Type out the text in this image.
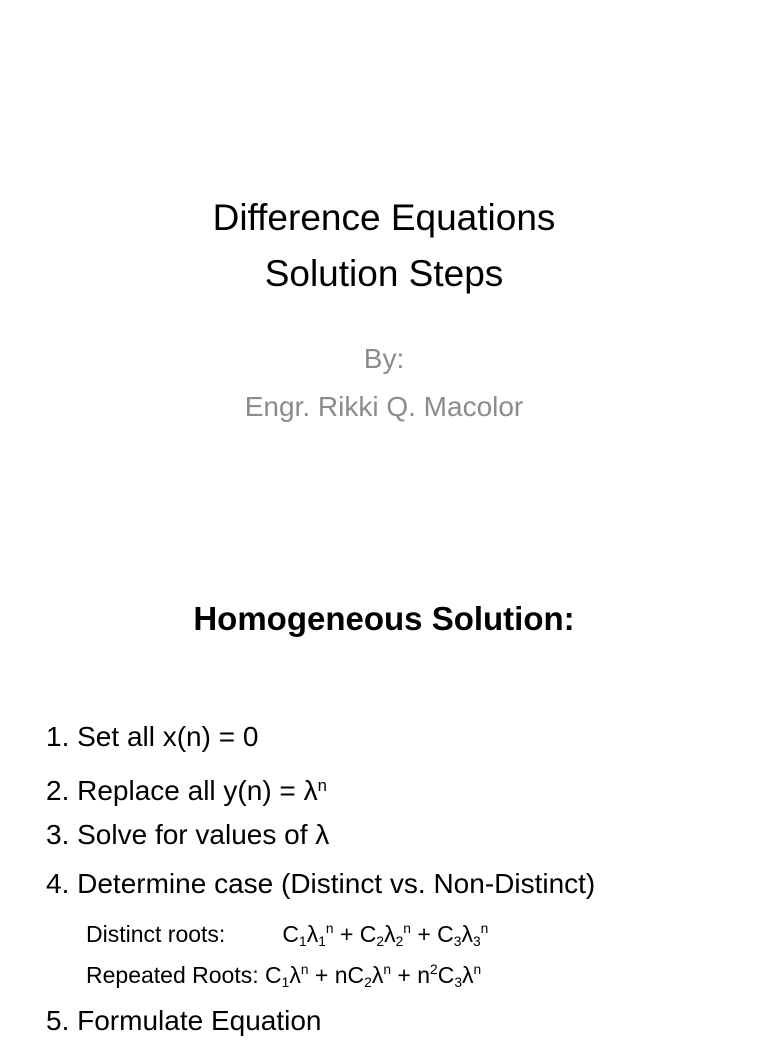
Difference Equations
Solution Steps
By:
Engr. Rikki Q. Macolor
Homogeneous Solution:
1. Set all x(n) = 0
2. Replace all $y(n) = \lambda^n$
3. Solve for values of λ
4. Determine case (Distinct vs. Non-Distinct)
Distinct roots: $C_1\lambda_1^n + C_2\lambda_2^n + C_3\lambda_3^n$
Repeated Roots: $C_1\lambda^n + nC_2\lambda^n + n^2C_3\lambda^n$
5. Formulate Equation
